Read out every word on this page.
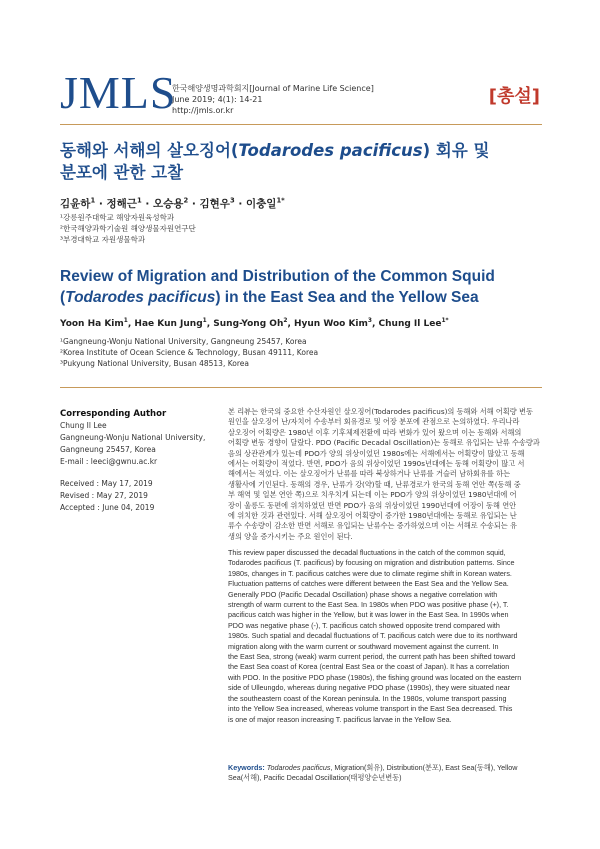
JMLS
한국해양생명과학회지[Journal of Marine Life Science]
June 2019; 4(1): 14-21
http://jmls.or.kr
[총설]
동해와 서해의 살오징어(Todarodes pacificus) 회유 및
분포에 관한 고찰
김윤하$^1$ · 정해근$^1$ · 오승용$^2$ · 김현우$^3$ · 이충일$^{1*}$
¹강릉원주대학교 해양자원육성학과
²한국해양과학기술원 해양생물자원연구단
³부경대학교 자원생물학과
Review of Migration and Distribution of the Common Squid
(Todarodes pacificus) in the East Sea and the Yellow Sea
Yoon Ha Kim$^1$, Hae Kun Jung$^1$, Sung-Yong Oh$^2$, Hyun Woo Kim$^3$, Chung Il Lee$^{1*}$
¹Gangneung-Wonju National University, Gangneung 25457, Korea
²Korea Institute of Ocean Science & Technology, Busan 49111, Korea
³Pukyung National University, Busan 48513, Korea
Corresponding Author
Chung Il Lee
Gangneung-Wonju National University,
Gangneung 25457, Korea
E-mail : leeci@gwnu.ac.kr
Received : May 17, 2019
Revised : May 27, 2019
Accepted : June 04, 2019
본 리뷰는 한국의 중요한 수산자원인 살오징어(Todarodes pacificus)의 동해와 서해 어획량 변동
원인을 살오징어 난/자치어 수송부터 회유경로 및 어장 분포에 관점으로 논의하였다. 우리나라
살오징어 어획량은 1980년 이후 기후체제전환에 따라 변화가 있어 왔으며 이는 동해와 서해의
어획량 변동 경향이 달랐다. PDO (Pacific Decadal Oscillation)는 동해로 유입되는 난류 수송량과
음의 상관관계가 있는데 PDO가 양의 위상이었던 1980s에는 서해에서는 어획량이 많았고 동해
에서는 어획량이 적었다. 반면, PDO가 음의 위상이었던 1990s년대에는 동해 어획량이 많고 서
해에서는 적었다. 이는 살오징어가 난류를 따라 북상하거나 난류를 거슬러 남하회유를 하는
생활사에 기인된다. 동해의 경우, 난류가 강(약)할 때, 난류경로가 한국의 동해 연안 쪽(동해 중
부 해역 및 일본 연안 쪽)으로 치우치게 되는데 이는 PDO가 양의 위상이었던 1980년대에 어
장이 울릉도 동편에 위치하였던 반면 PDO가 음의 위상이었던 1990년대에 어장이 동해 연안
에 위치한 것과 관련있다. 서해 살오징어 어획량이 증가한 1980년대에는 동해로 유입되는 난
류수 수송량이 감소한 반면 서해로 유입되는 난류수는 증가하였으며 이는 서해로 수송되는 유
생의 양을 증가시키는 주요 원인이 된다.
This review paper discussed the decadal fluctuations in the catch of the common squid,
Todarodes pacificus (T. pacificus) by focusing on migration and distribution patterns. Since
1980s, changes in T. pacificus catches were due to climate regime shift in Korean waters.
Fluctuation patterns of catches were different between the East Sea and the Yellow Sea.
Generally PDO (Pacific Decadal Oscillation) phase shows a negative correlation with
strength of warm current to the East Sea. In 1980s when PDO was positive phase (+), T.
pacificus catch was higher in the Yellow, but it was lower in the East Sea. In 1990s when
PDO was negative phase (-), T. pacificus catch showed opposite trend compared with
1980s. Such spatial and decadal fluctuations of T. pacificus catch were due to its northward
migration along with the warm current or southward movement against the current. In
the East Sea, strong (weak) warm current period, the current path has been shifted toward
the East Sea coast of Korea (central East Sea or the coast of Japan). It has a correlation
with PDO. In the positive PDO phase (1980s), the fishing ground was located on the eastern
side of Ulleungdo, whereas during negative PDO phase (1990s), they were situated near
the southeastern coast of the Korean peninsula. In the 1980s, volume transport passing
into the Yellow Sea increased, whereas volume transport in the East Sea decreased. This
is one of major reason increasing T. pacificus larvae in the Yellow Sea.
Keywords: Todarodes pacificus, Migration(회유), Distribution(분포), East Sea(동해), Yellow
Sea(서해), Pacific Decadal Oscillation(태평양순년변동)
